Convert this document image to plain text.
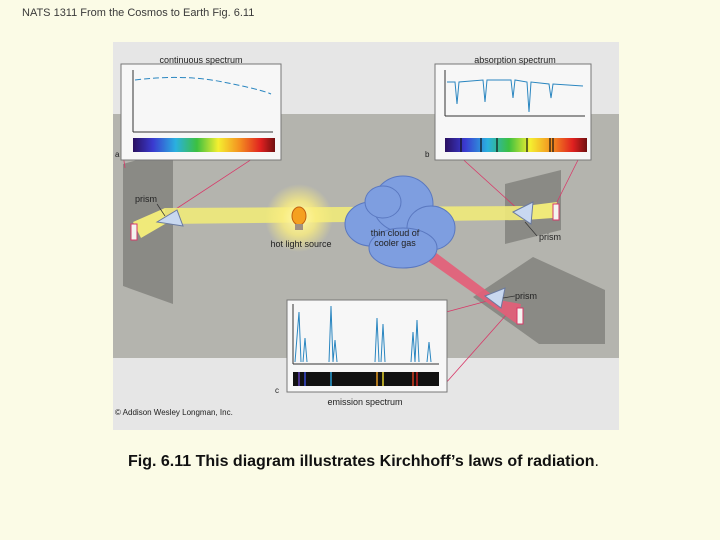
NATS 1311 From the Cosmos to Earth Fig. 6.11
continuous spectrum
a
absorption spectrum
b
emission spectrum
c
prism
prism
prism
hot light source
thin cloud of
cooler gas
© Addison Wesley Longman, Inc.
Fig. 6.11 This diagram illustrates Kirchhoff’s laws of radiation.
